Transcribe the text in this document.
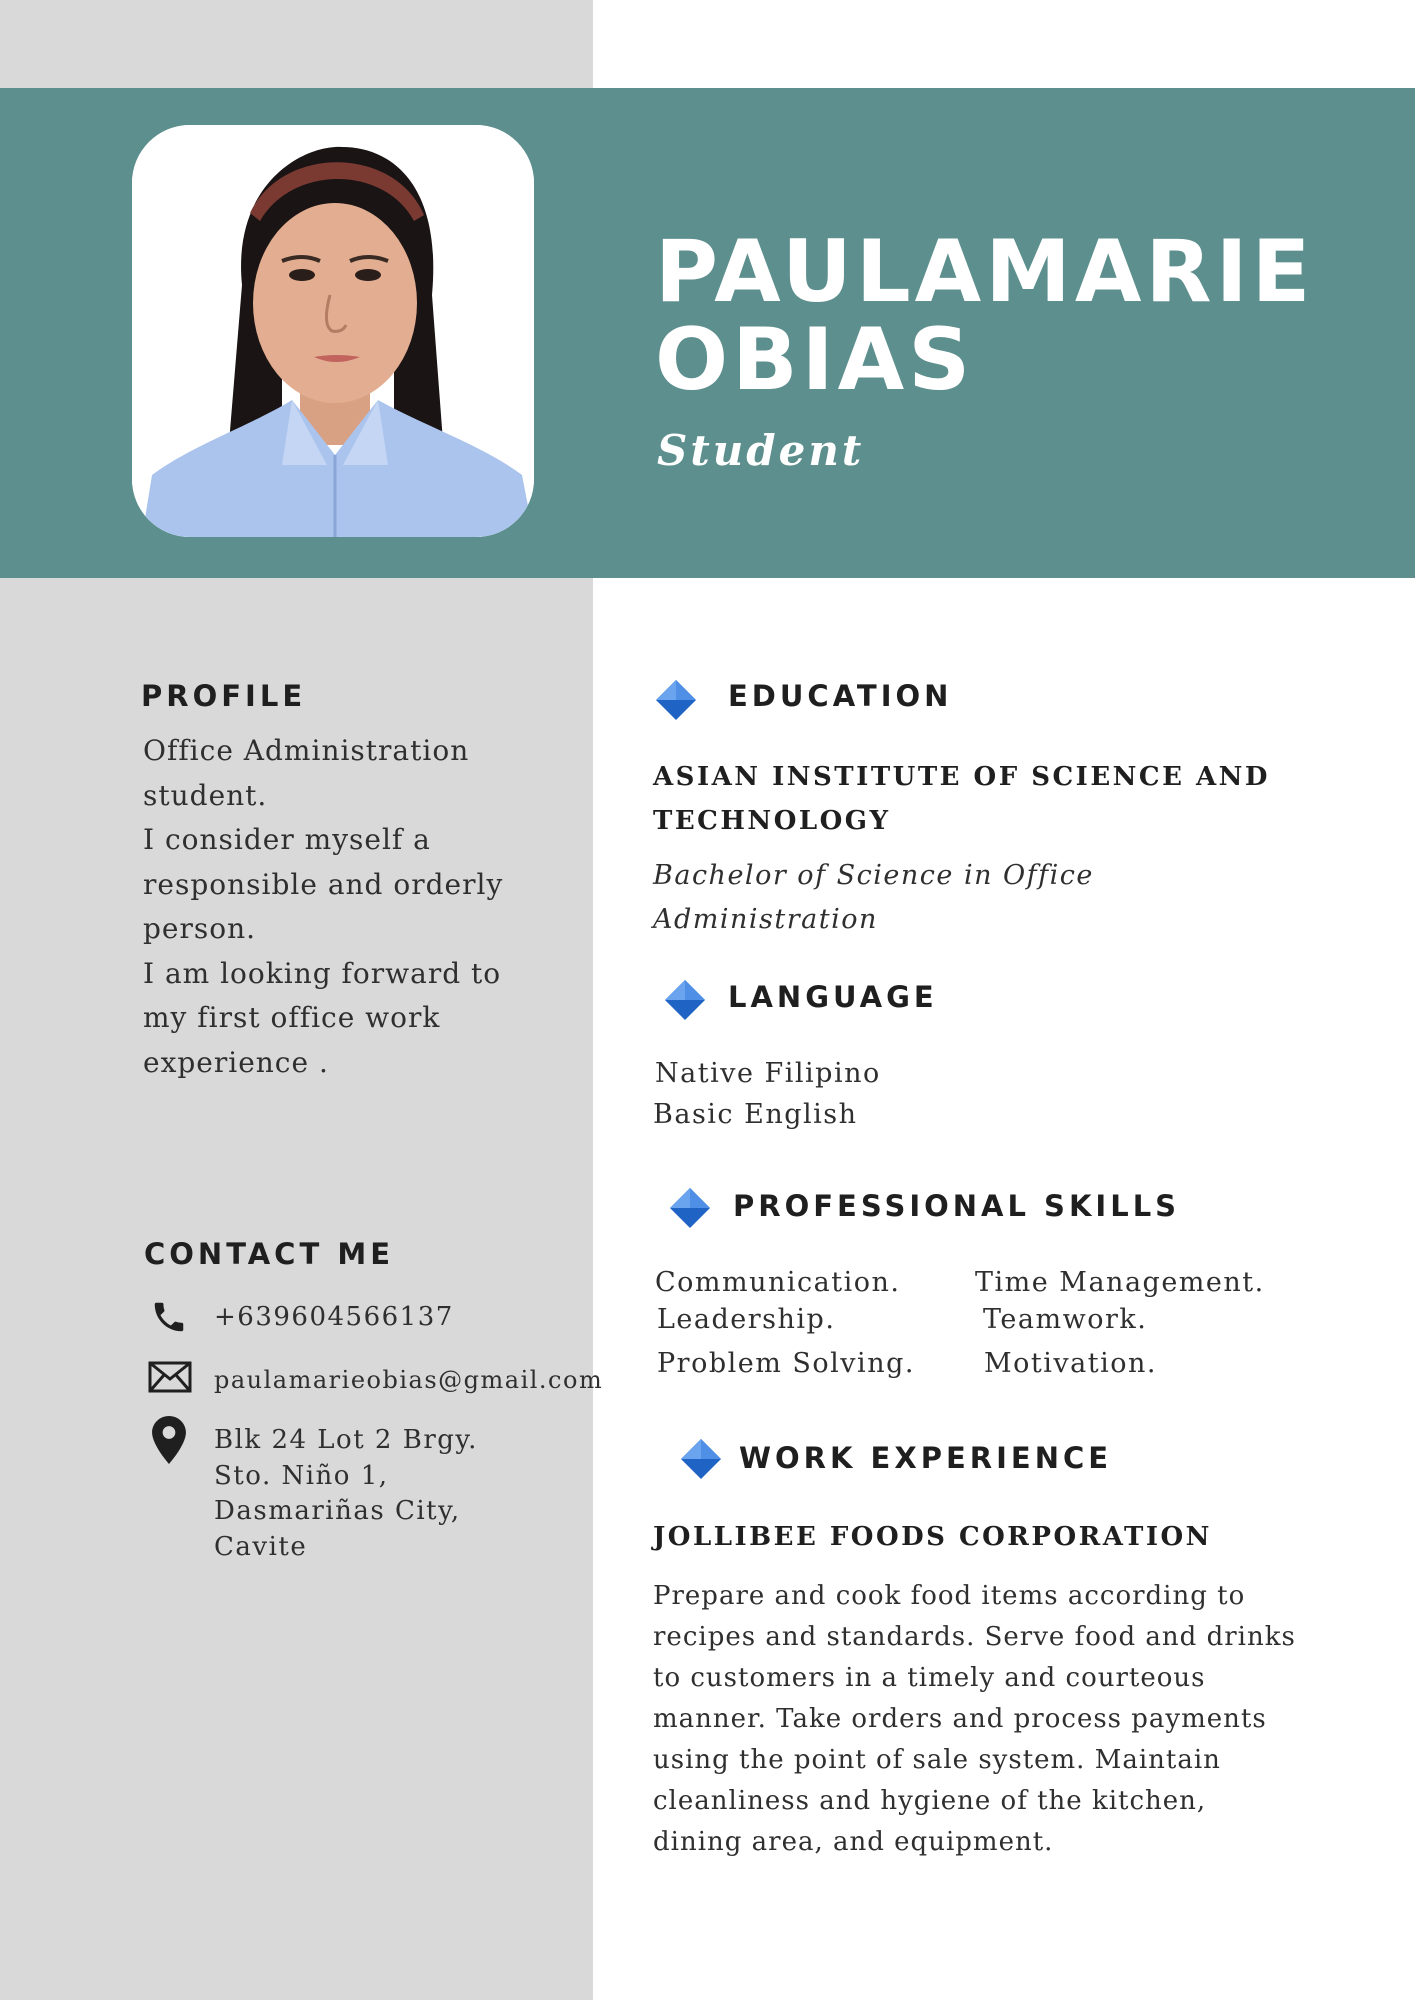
PAULAMARIE
OBIAS
Student
PROFILE
Office Administration
student.
I consider myself a
responsible and orderly
person.
I am looking forward to
my first office work
experience .
CONTACT ME
+639604566137
paulamarieobias@gmail.com
Blk 24 Lot 2 Brgy.
Sto. Niño 1,
Dasmariñas City,
Cavite
EDUCATION
ASIAN INSTITUTE OF SCIENCE AND
TECHNOLOGY
Bachelor of Science in Office
Administration
LANGUAGE
Native Filipino
Basic English
PROFESSIONAL SKILLS
Communication.
Leadership.
Problem Solving.
Time Management.
Teamwork.
Motivation.
WORK EXPERIENCE
JOLLIBEE FOODS CORPORATION
Prepare and cook food items according to
recipes and standards. Serve food and drinks
to customers in a timely and courteous
manner. Take orders and process payments
using the point of sale system. Maintain
cleanliness and hygiene of the kitchen,
dining area, and equipment.
